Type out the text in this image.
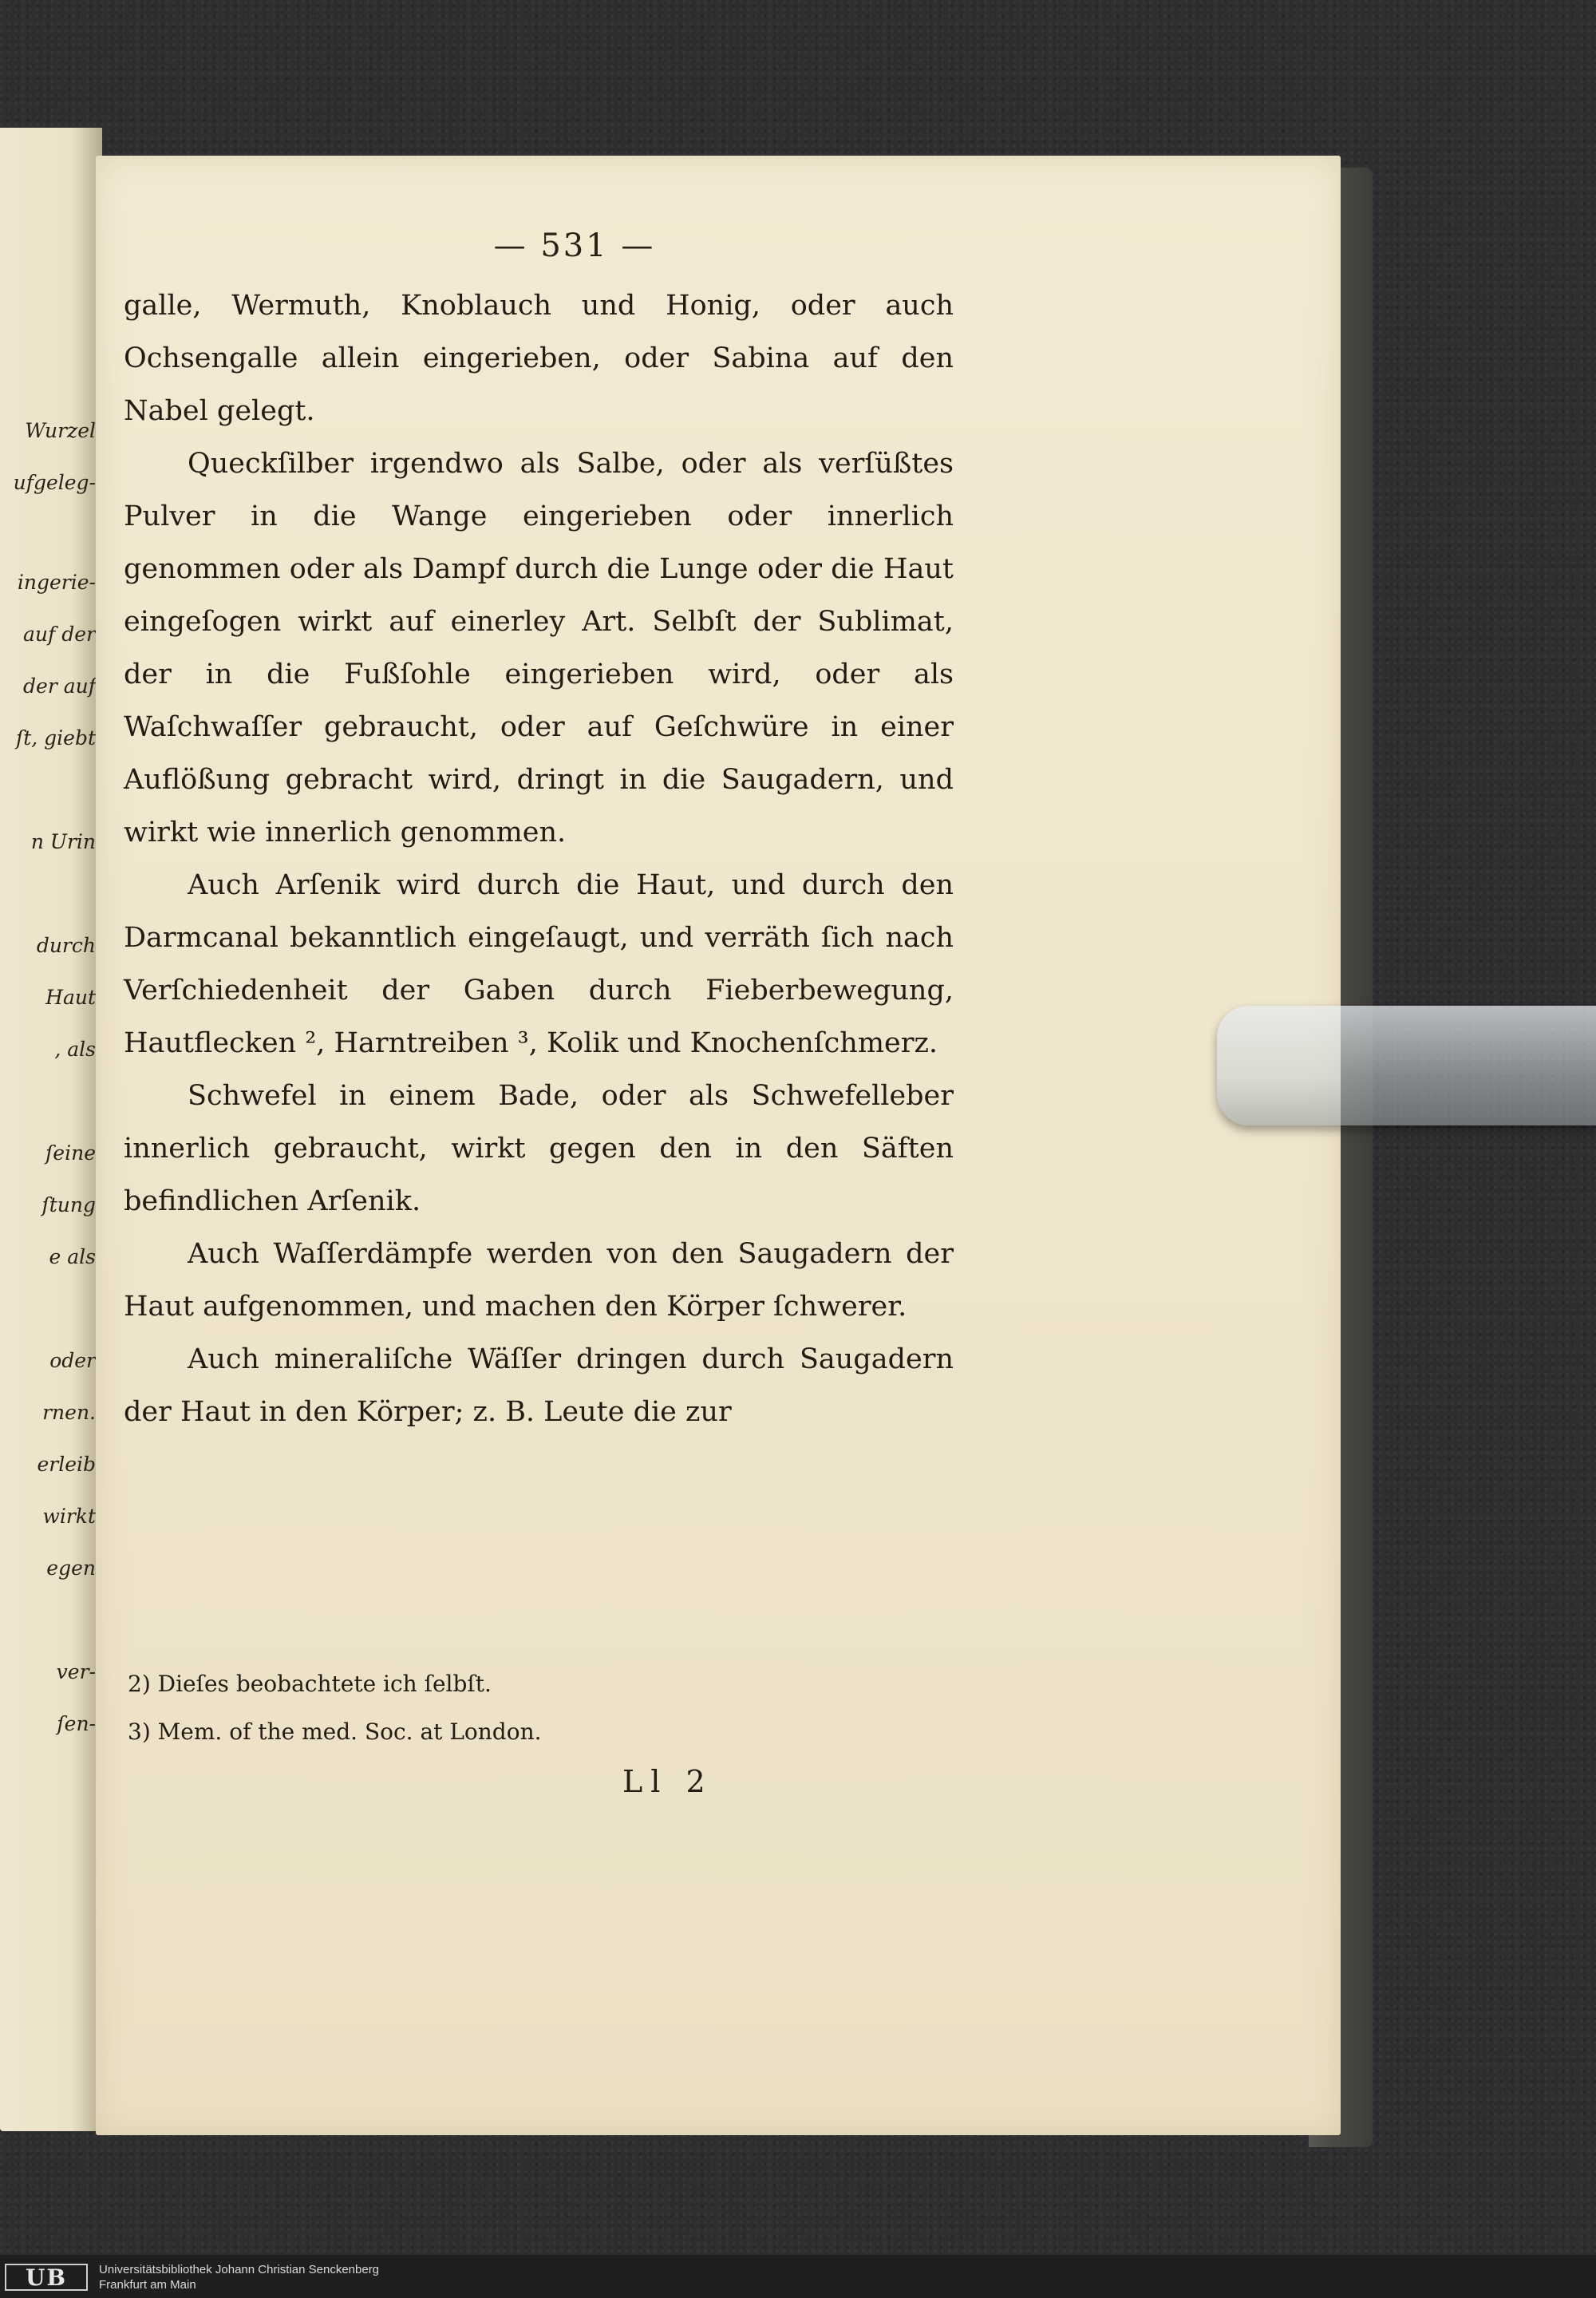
Wurzel
ufgeleg-
ingerie-
auf der
der auf
ſt, giebt
n Urin
durch
Haut
, als
ſeine
ſtung
e als
oder
rnen.
erleib
wirkt
egen
ver-
ſen-
— 531 —

galle, Wermuth, Knoblauch und Honig, oder auch Ochsengalle allein eingerieben, oder Sabina auf den Nabel gelegt.

Queckſilber irgendwo als Salbe, oder als verſüßtes Pulver in die Wange eingerieben oder innerlich genommen oder als Dampf durch die Lunge oder die Haut eingeſogen wirkt auf einerley Art. Selbſt der Sublimat, der in die Fußſohle eingerieben wird, oder als Waſchwaſſer gebraucht, oder auf Geſchwüre in einer Auflößung gebracht wird, dringt in die Saugadern, und wirkt wie innerlich genommen.

Auch Arſenik wird durch die Haut, und durch den Darmcanal bekanntlich eingeſaugt, und verräth ſich nach Verſchiedenheit der Gaben durch Fieberbewegung, Hautflecken ², Harntreiben ³, Kolik und Knochenſchmerz.

Schwefel in einem Bade, oder als Schwefelleber innerlich gebraucht, wirkt gegen den in den Säften befindlichen Arſenik.

Auch Waſſerdämpfe werden von den Saugadern der Haut aufgenommen, und machen den Körper ſchwerer.

Auch mineraliſche Wäſſer dringen durch Saugadern der Haut in den Körper; z. B. Leute die zur

2) Dieſes beobachtete ich ſelbſt.
3) Mem. of the med. Soc. at London.
Ll 2
UB	Universitätsbibliothek Johann Christian Senckenberg
Frankfurt am Main
